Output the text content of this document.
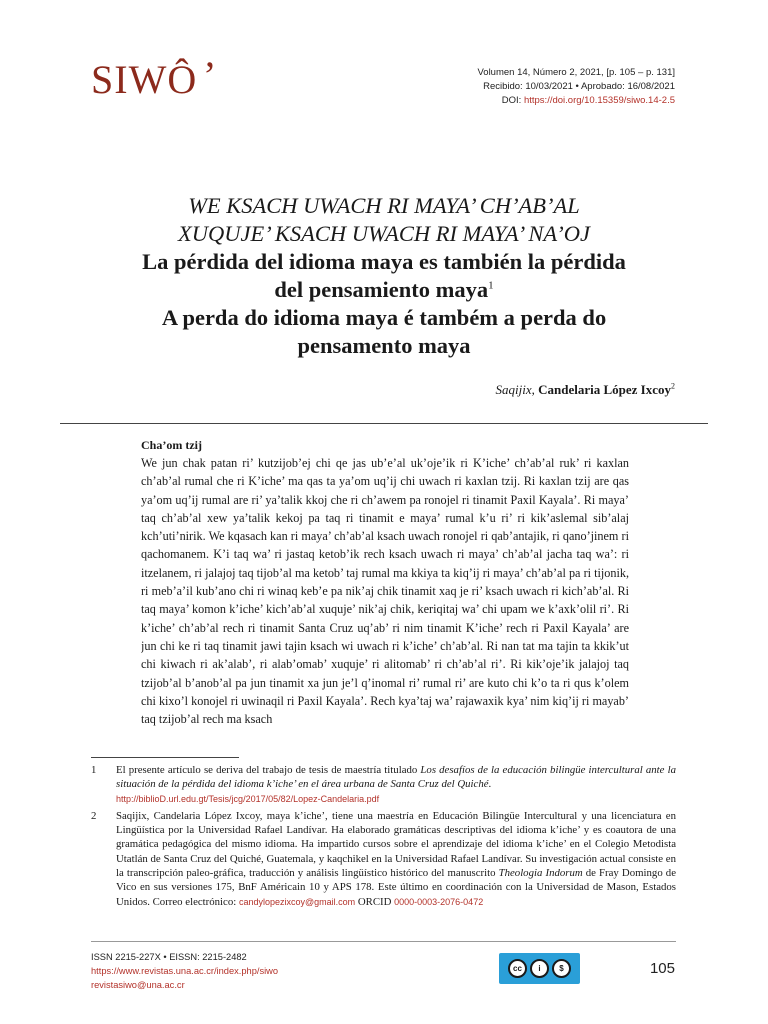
SIWÔ ’	Volumen 14, Número 2, 2021, [p. 105 – p. 131]
Recibido: 10/03/2021 • Aprobado: 16/08/2021
DOI: https://doi.org/10.15359/siwo.14-2.5

WE KSACH UWACH RI MAYA’ CH’AB’AL

XUQUJE’ KSACH UWACH RI MAYA’ NA’OJ

La pérdida del idioma maya es también la pérdida

del pensamiento maya$^1$

A perda do idioma maya é também a perda do

pensamento maya

Saqijix, Candelaria López Ixcoy$^2$

Cha’om tzij

We jun chak patan ri’ kutzijob’ej chi qe jas ub’e’al uk’oje’ik ri K’iche’ ch’ab’al ruk’ ri kaxlan ch’ab’al rumal che ri K’iche’ ma qas ta ya’om uq’ij chi uwach ri kaxlan tzij. Ri kaxlan tzij are qas ya’om uq’ij rumal are ri’ ya’talik kkoj che ri ch’awem pa ronojel ri tinamit Paxil Kayala’. Ri maya’ taq ch’ab’al xew ya’talik kekoj pa taq ri tinamit e maya’ rumal k’u ri’ ri kik’aslemal sib’alaj kch’uti’nirik. We kqasach kan ri maya’ ch’ab’al ksach uwach ronojel ri qab’antajik, ri qano’jinem ri qachomanem. K’i taq wa’ ri jastaq ketob’ik rech ksach uwach ri maya’ ch’ab’al jacha taq wa’: ri itzelanem, ri jalajoj taq tijob’al ma ketob’ taj rumal ma kkiya ta kiq’ij ri maya’ ch’ab’al pa ri tijonik, ri meb’a’il kub’ano chi ri winaq keb’e pa nik’aj chik tinamit xaq je ri’ ksach uwach ri kich’ab’al. Ri taq maya’ komon k’iche’ kich’ab’al xuquje’ nik’aj chik, keriqitaj wa’ chi upam we k’axk’olil ri’. Ri k’iche’ ch’ab’al rech ri tinamit Santa Cruz uq’ab’ ri nim tinamit K’iche’ rech ri Paxil Kayala’ are jun chi ke ri taq tinamit jawi tajin ksach wi uwach ri k’iche’ ch’ab’al. Ri nan tat ma tajin ta kkik’ut chi kiwach ri ak’alab’, ri alab’omab’ xuquje’ ri alitomab’ ri ch’ab’al ri’. Ri kik’oje’ik jalajoj taq tzijob’al b’anob’al pa jun tinamit xa jun je’l q’inomal ri’ rumal ri’ are kuto chi k’o ta ri qus k’olem chi kixo’l konojel ri uwinaqil ri Paxil Kayala’. Rech kya’taj wa’ rajawaxik kya’ nim kiq’ij ri mayab’ taq tzijob’al rech ma ksach

1	El presente artículo se deriva del trabajo de tesis de maestría titulado Los desafíos de la educación bilingüe intercultural ante la situación de la pérdida del idioma k’iche’ en el área urbana de Santa Cruz del Quiché.
http://biblioD.url.edu.gt/Tesis/jcg/2017/05/82/Lopez-Candelaria.pdf
2	Saqijix, Candelaria López Ixcoy, maya k’iche’, tiene una maestría en Educación Bilingüe Intercultural y una licenciatura en Lingüística por la Universidad Rafael Landívar. Ha elaborado gramáticas descriptivas del idioma k’iche’ y es coautora de una gramática pedagógica del mismo idioma. Ha impartido cursos sobre el aprendizaje del idioma k’iche’ en el Colegio Metodista Utatlán de Santa Cruz del Quiché, Guatemala, y kaqchikel en la Universidad Rafael Landívar. Su investigación actual consiste en la transcripción paleo-gráfica, traducción y análisis lingüístico histórico del manuscrito Theologia Indorum de Fray Domingo de Vico en sus versiones 175, BnF Américain 10 y APS 178. Este último en coordinación con la Universidad de Mason, Estados Unidos. Correo electrónico: candylopezixcoy@gmail.com ORCID 0000-0003-2076-0472
ISSN 2215-227X • EISSN: 2215-2482
https://www.revistas.una.ac.cr/index.php/siwo
revistasiwo@una.ac.cr
cc	i	$	105
